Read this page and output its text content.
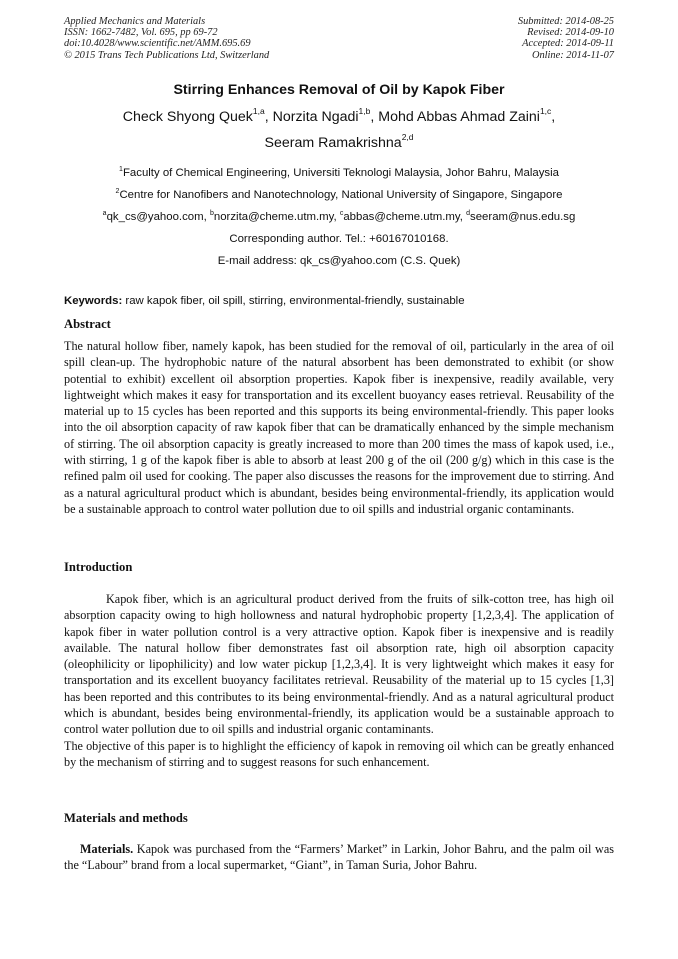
Applied Mechanics and Materials
ISSN: 1662-7482, Vol. 695, pp 69-72
doi:10.4028/www.scientific.net/AMM.695.69
© 2015 Trans Tech Publications Ltd, Switzerland
Submitted: 2014-08-25
Revised: 2014-09-10
Accepted: 2014-09-11
Online: 2014-11-07
Stirring Enhances Removal of Oil by Kapok Fiber
Check Shyong Quek$^{1,a}$, Norzita Ngadi$^{1,b}$, Mohd Abbas Ahmad Zaini$^{1,c}$,
Seeram Ramakrishna$^{2,d}$
$^1$Faculty of Chemical Engineering, Universiti Teknologi Malaysia, Johor Bahru, Malaysia
$^2$Centre for Nanofibers and Nanotechnology, National University of Singapore, Singapore
$^a$qk_cs@yahoo.com, $^b$norzita@cheme.utm.my, $^c$abbas@cheme.utm.my, $^d$seeram@nus.edu.sg
Corresponding author. Tel.: +60167010168.
E-mail address: qk_cs@yahoo.com (C.S. Quek)
Keywords: raw kapok fiber, oil spill, stirring, environmental-friendly, sustainable
Abstract

The natural hollow fiber, namely kapok, has been studied for the removal of oil, particularly in the area of oil spill clean-up. The hydrophobic nature of the natural absorbent has been demonstrated to exhibit (or show potential to exhibit) excellent oil absorption properties. Kapok fiber is inexpensive, readily available, very lightweight which makes it easy for transportation and its excellent buoyancy eases retrieval. Reusability of the material up to 15 cycles has been reported and this supports its being environmental-friendly. This paper looks into the oil absorption capacity of raw kapok fiber that can be dramatically enhanced by the simple mechanism of stirring. The oil absorption capacity is greatly increased to more than 200 times the mass of kapok used, i.e., with stirring, 1 g of the kapok fiber is able to absorb at least 200 g of the oil (200 g/g) which in this case is the refined palm oil used for cooking. The paper also discusses the reasons for the improvement due to stirring. And as a natural agricultural product which is abundant, besides being environmental-friendly, its application would be a sustainable approach to control water pollution due to oil spills and industrial organic contaminants.

Introduction

Kapok fiber, which is an agricultural product derived from the fruits of silk-cotton tree, has high oil absorption capacity owing to high hollowness and natural hydrophobic property [1,2,3,4]. The application of kapok fiber in water pollution control is a very attractive option. Kapok fiber is inexpensive and is readily available. The natural hollow fiber demonstrates fast oil absorption rate, high oil absorption capacity (oleophilicity or lipophilicity) and low water pickup [1,2,3,4]. It is very lightweight which makes it easy for transportation and its excellent buoyancy facilitates retrieval. Reusability of the material up to 15 cycles [1,3] has been reported and this contributes to its being environmental-friendly. And as a natural agricultural product which is abundant, besides being environmental-friendly, its application would be a sustainable approach to control water pollution due to oil spills and industrial organic contaminants.

The objective of this paper is to highlight the efficiency of kapok in removing oil which can be greatly enhanced by the mechanism of stirring and to suggest reasons for such enhancement.

Materials and methods

Materials. Kapok was purchased from the “Farmers’ Market” in Larkin, Johor Bahru, and the palm oil was the “Labour” brand from a local supermarket, “Giant”, in Taman Suria, Johor Bahru.
